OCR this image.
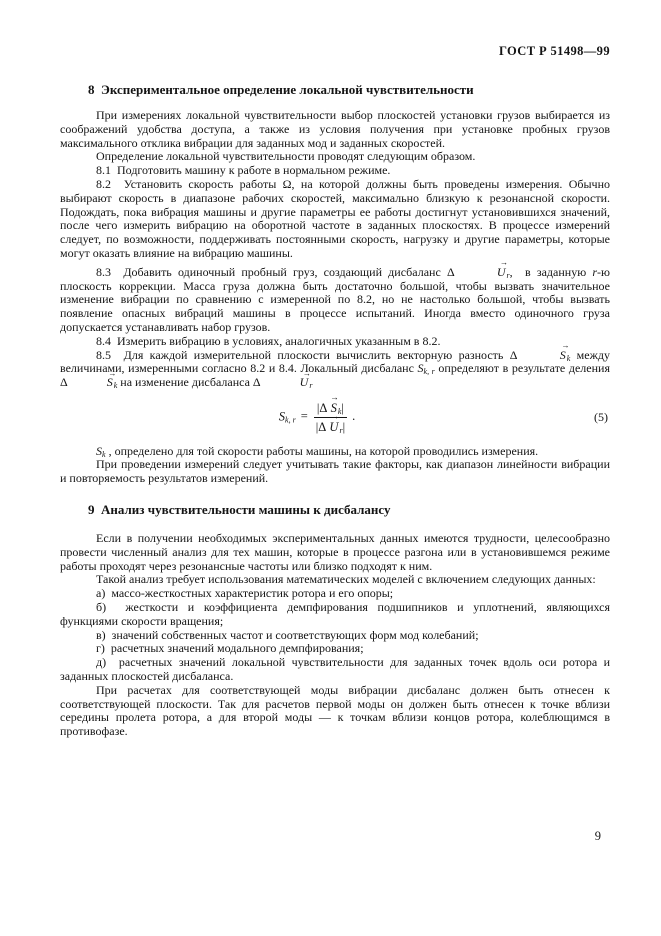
ГОСТ Р 51498—99
8  Экспериментальное определение локальной чувствительности

При измерениях локальной чувствительности выбор плоскостей установки грузов выбирается из соображений удобства доступа, а также из условия получения при установке пробных грузов максимального отклика вибрации для заданных мод и заданных скоростей.

Определение локальной чувствительности проводят следующим образом.

8.1  Подготовить машину к работе в нормальном режиме.

8.2  Установить скорость работы Ω, на которой должны быть проведены измерения. Обычно выбирают скорость в диапазоне рабочих скоростей, максимально близкую к резонансной скорости. Подождать, пока вибрация машины и другие параметры ее работы достигнут установившихся значений, после чего измерить вибрацию на оборотной частоте в заданных плоскостях. В процессе измерений следует, по возможности, поддерживать постоянными скорость, нагрузку и другие параметры, которые могут оказать влияние на вибрацию машины.

8.3  Добавить одиночный пробный груз, создающий дисбаланс Δ	$U \to_r$,  в заданную r-ю плоскость коррекции. Масса груза должна быть достаточно большой, чтобы вызвать значительное изменение вибрации по сравнению с измеренной по 8.2, но не настолько большой, чтобы вызвать появление опасных вибраций машины в процессе испытаний. Иногда вместо одиночного груза допускается устанавливать набор грузов.

8.4  Измерить вибрацию в условиях, аналогичных указанным в 8.2.

8.5  Для каждой измерительной плоскости вычислить векторную разность Δ	$S \to_k$ между величинами, измеренными согласно 8.2 и 8.4. Локальный дисбаланс $S_{k, r}$ определяют в результате деления Δ	$S \to_k$ на изменение дисбаланса Δ	$U \to_r$

$S_{k, r} = \frac{|\Delta S \to_k|}{|\Delta U \to_r|}$ .	(5)

$S_k$ , определено для той скорости работы машины, на которой проводились измерения.

При проведении измерений следует учитывать такие факторы, как диапазон линейности вибрации и повторяемость результатов измерений.

9  Анализ чувствительности машины к дисбалансу

Если в получении необходимых экспериментальных данных имеются трудности, целесообразно провести численный анализ для тех машин, которые в процессе разгона или в установившемся режиме работы проходят через резонансные частоты или близко подходят к ним.

Такой анализ требует использования математических моделей с включением следующих данных:

а)  массо-жесткостных характеристик ротора и его опоры;

б)  жесткости и коэффициента демпфирования подшипников и уплотнений, являющихся функциями скорости вращения;

в)  значений собственных частот и соответствующих форм мод колебаний;

г)  расчетных значений модального демпфирования;

д)  расчетных значений локальной чувствительности для заданных точек вдоль оси ротора и заданных плоскостей дисбаланса.

При расчетах для соответствующей моды вибрации дисбаланс должен быть отнесен к соответствующей плоскости. Так для расчетов первой моды он должен быть отнесен к точке вблизи середины пролета ротора, а для второй моды — к точкам вблизи концов ротора, колеблющимся в противофазе.

9
